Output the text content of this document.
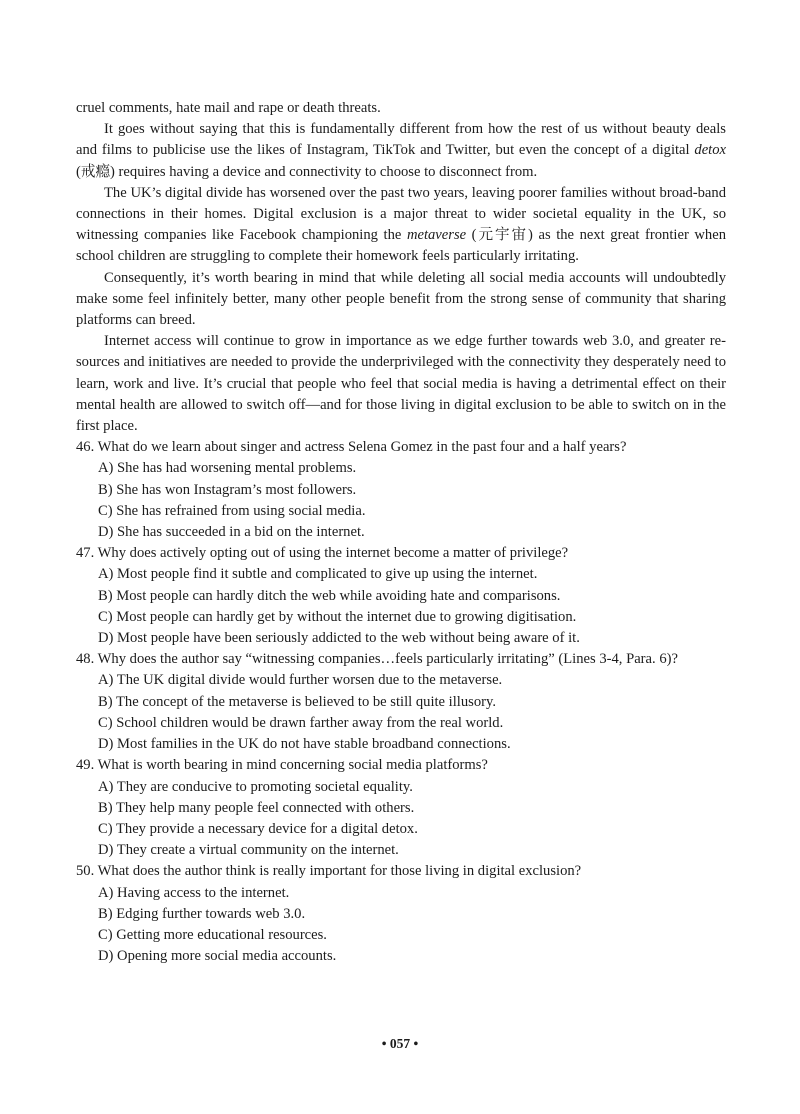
cruel comments, hate mail and rape or death threats.

It goes without saying that this is fundamentally different from how the rest of us without beauty deals and films to publicise use the likes of Instagram, TikTok and Twitter, but even the concept of a digital detox (戒瘾) requires having a device and connectivity to choose to disconnect from.

The UK’s digital divide has worsened over the past two years, leaving poorer families without broad-band connections in their homes. Digital exclusion is a major threat to wider societal equality in the UK, so witnessing companies like Facebook championing the metaverse (元宇宙) as the next great frontier when school children are struggling to complete their homework feels particularly irritating.

Consequently, it’s worth bearing in mind that while deleting all social media accounts will undoubtedly make some feel infinitely better, many other people benefit from the strong sense of community that sharing platforms can breed.

Internet access will continue to grow in importance as we edge further towards web 3.0, and greater re-sources and initiatives are needed to provide the underprivileged with the connectivity they desperately need to learn, work and live. It’s crucial that people who feel that social media is having a detrimental effect on their mental health are allowed to switch off—and for those living in digital exclusion to be able to switch on in the first place.

46. What do we learn about singer and actress Selena Gomez in the past four and a half years?
A) She has had worsening mental problems.
B) She has won Instagram’s most followers.
C) She has refrained from using social media.
D) She has succeeded in a bid on the internet.
47. Why does actively opting out of using the internet become a matter of privilege?
A) Most people find it subtle and complicated to give up using the internet.
B) Most people can hardly ditch the web while avoiding hate and comparisons.
C) Most people can hardly get by without the internet due to growing digitisation.
D) Most people have been seriously addicted to the web without being aware of it.
48. Why does the author say “witnessing companies…feels particularly irritating” (Lines 3-4, Para. 6)?
A) The UK digital divide would further worsen due to the metaverse.
B) The concept of the metaverse is believed to be still quite illusory.
C) School children would be drawn farther away from the real world.
D) Most families in the UK do not have stable broadband connections.
49. What is worth bearing in mind concerning social media platforms?
A) They are conducive to promoting societal equality.
B) They help many people feel connected with others.
C) They provide a necessary device for a digital detox.
D) They create a virtual community on the internet.
50. What does the author think is really important for those living in digital exclusion?
A) Having access to the internet.
B) Edging further towards web 3.0.
C) Getting more educational resources.
D) Opening more social media accounts.
• 057 •
